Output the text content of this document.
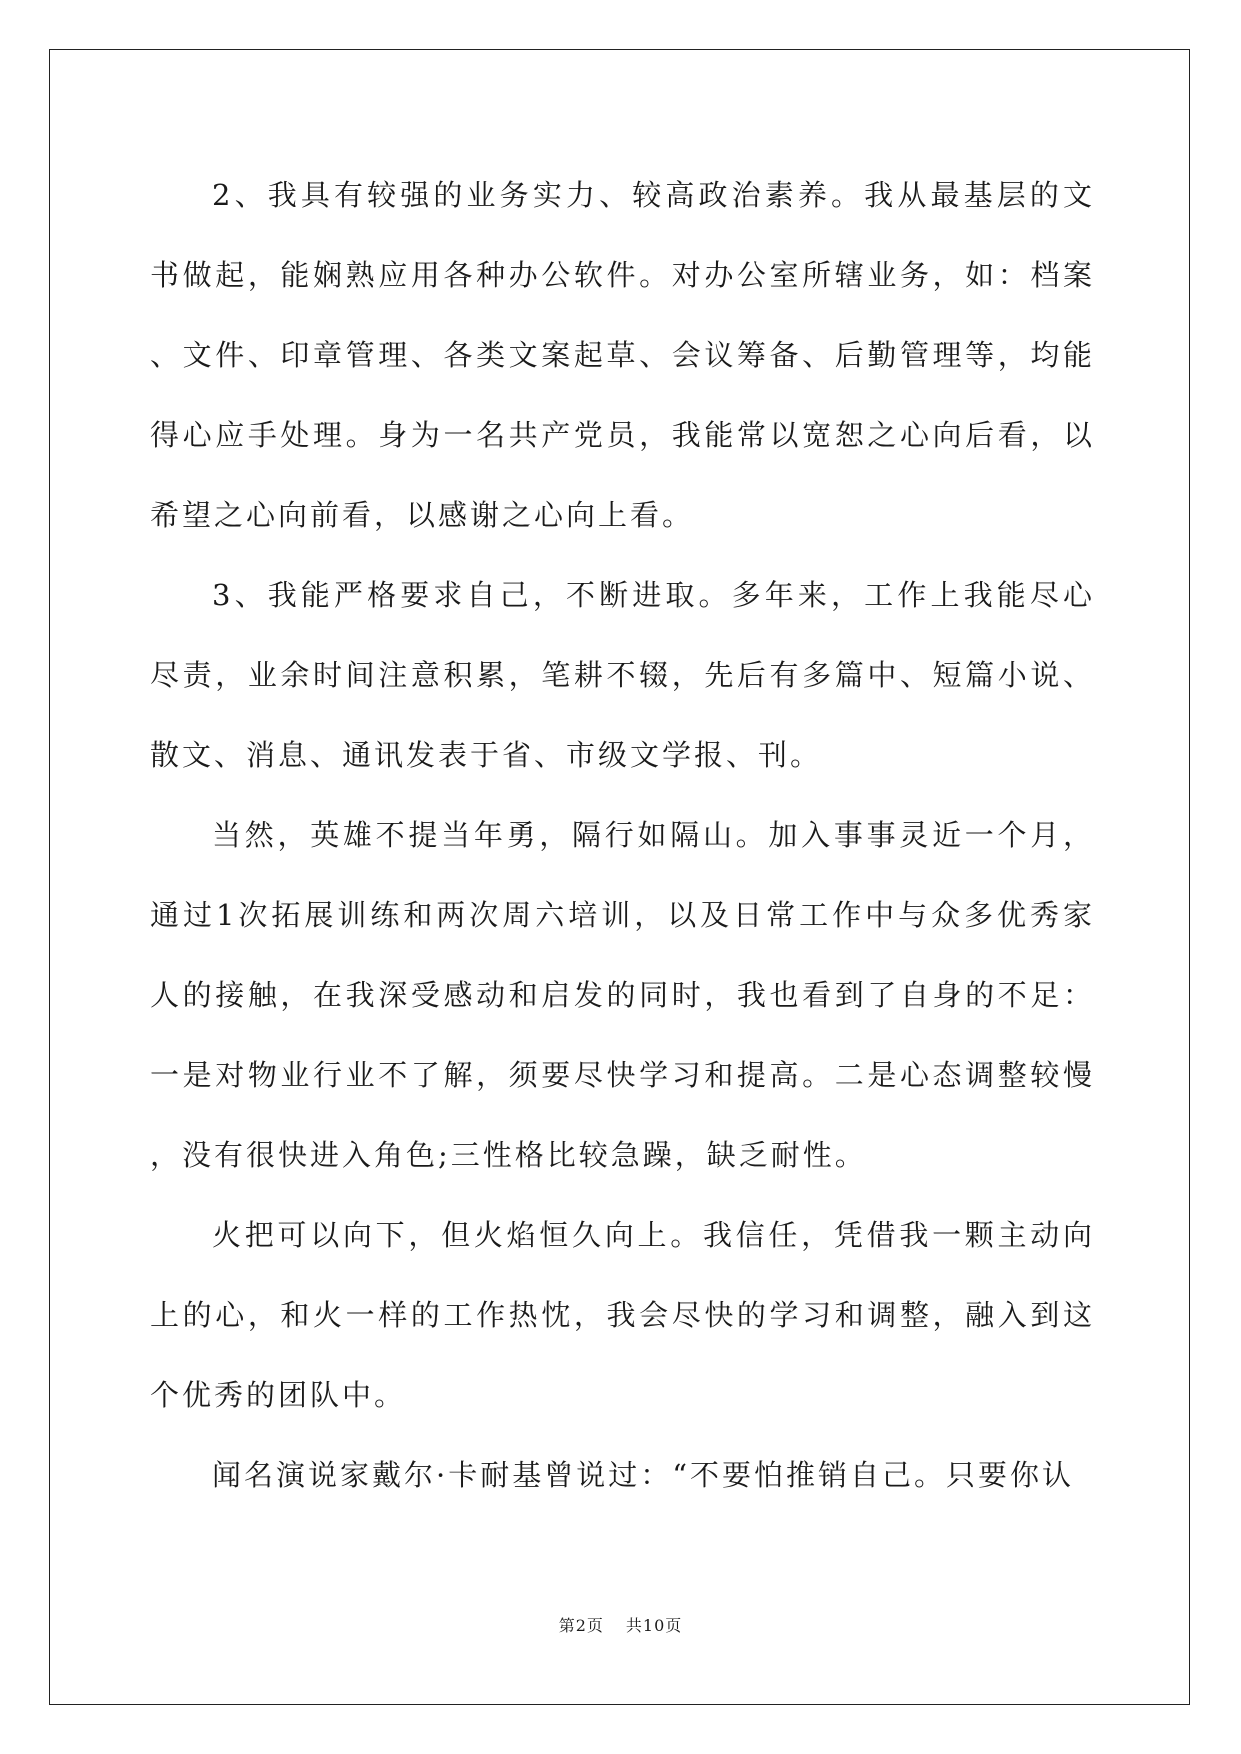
2、我具有较强的业务实力、较高政治素养。我从最基层的文书做起，能娴熟应用各种办公软件。对办公室所辖业务，如：档案、文件、印章管理、各类文案起草、会议筹备、后勤管理等，均能得心应手处理。身为一名共产党员，我能常以宽恕之心向后看，以希望之心向前看，以感谢之心向上看。

3、我能严格要求自己，不断进取。多年来，工作上我能尽心尽责，业余时间注意积累，笔耕不辍，先后有多篇中、短篇小说、散文、消息、通讯发表于省、市级文学报、刊。

当然，英雄不提当年勇，隔行如隔山。加入事事灵近一个月，通过1次拓展训练和两次周六培训，以及日常工作中与众多优秀家人的接触，在我深受感动和启发的同时，我也看到了自身的不足：一是对物业行业不了解，须要尽快学习和提高。二是心态调整较慢，没有很快进入角色;三性格比较急躁，缺乏耐性。

火把可以向下，但火焰恒久向上。我信任，凭借我一颗主动向上的心，和火一样的工作热忱，我会尽快的学习和调整，融入到这个优秀的团队中。

闻名演说家戴尔·卡耐基曾说过：“不要怕推销自己。只要你认

第2页 共10页
